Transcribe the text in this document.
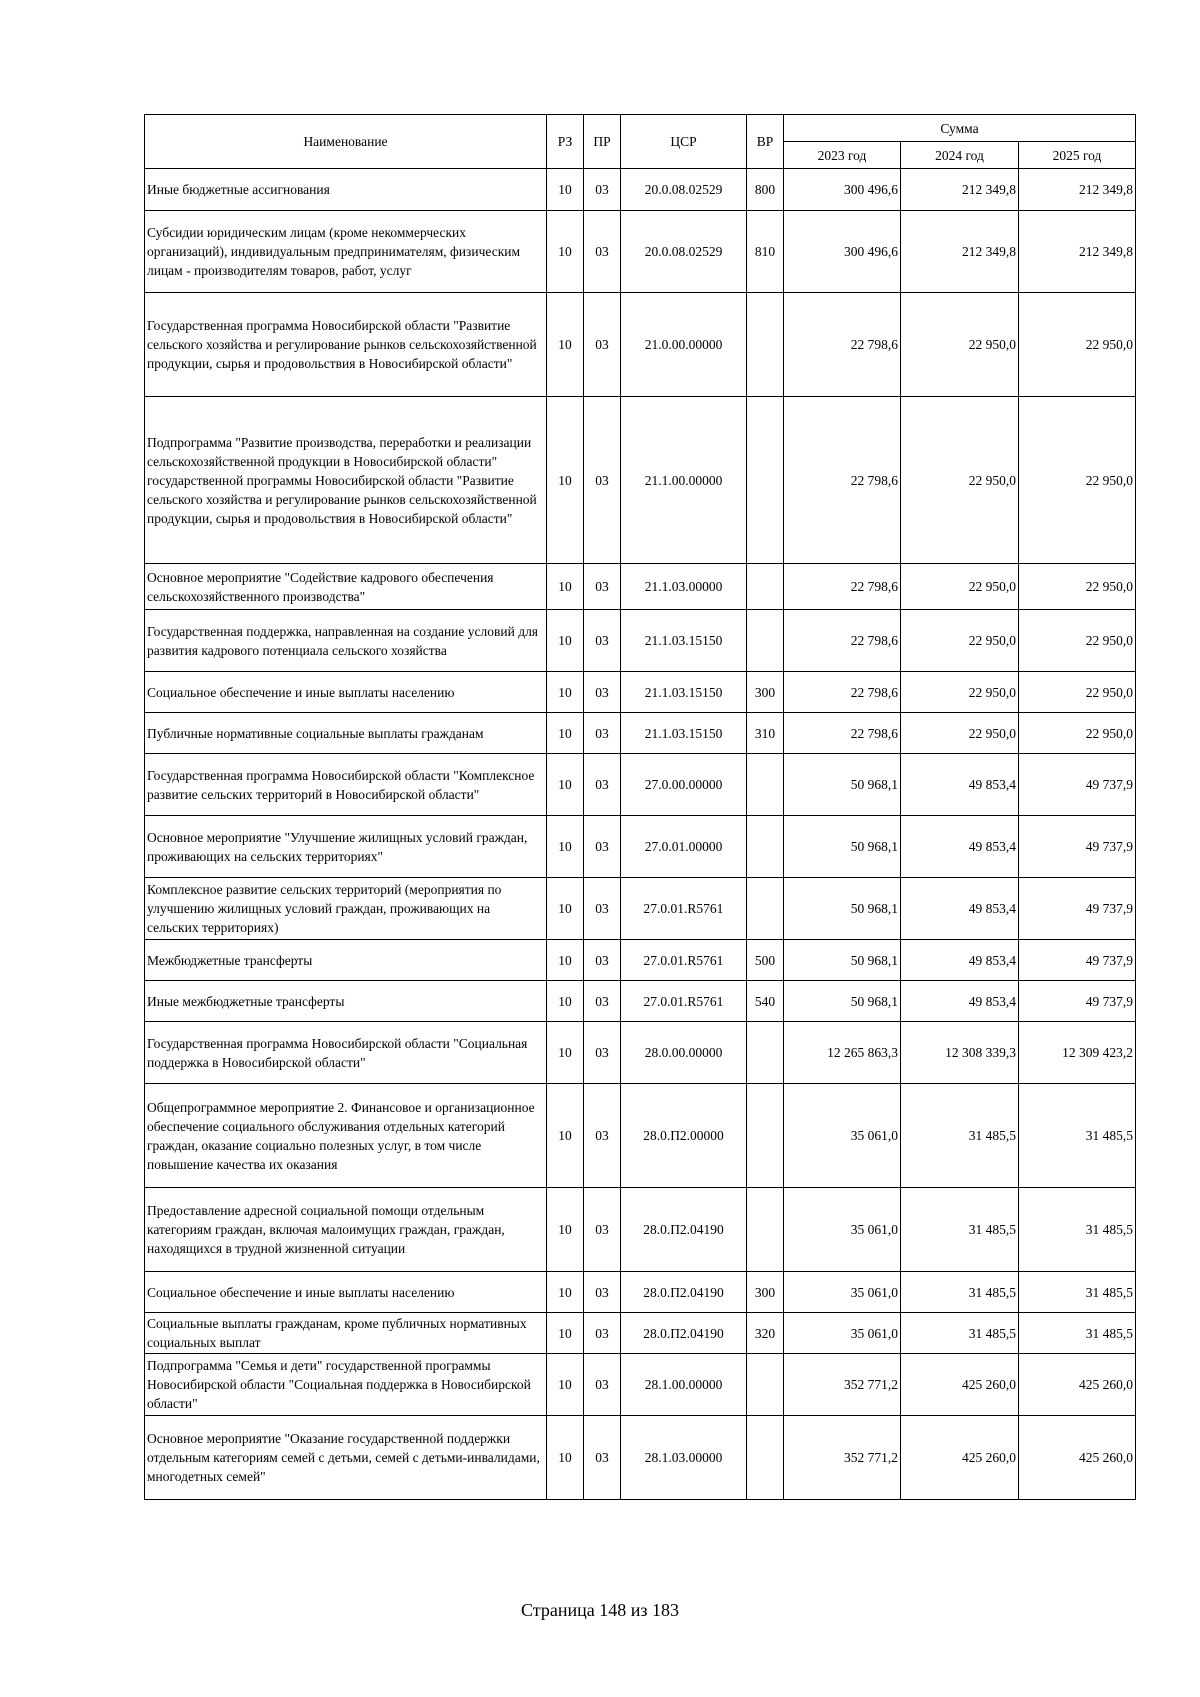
Наименование	РЗ	ПР	ЦСР	ВР	Сумма		
					2023 год	2024 год	2025 год
Иные бюджетные ассигнования	10	03	20.0.08.02529	800	300 496,6	212 349,8	212 349,8
Субсидии юридическим лицам (кроме некоммерческих организаций), индивидуальным предпринимателям, физическим лицам - производителям товаров, работ, услуг	10	03	20.0.08.02529	810	300 496,6	212 349,8	212 349,8
Государственная программа Новосибирской области "Развитие сельского хозяйства и регулирование рынков сельскохозяйственной продукции, сырья и продовольствия в Новосибирской области"	10	03	21.0.00.00000		22 798,6	22 950,0	22 950,0
Подпрограмма "Развитие производства, переработки и реализации сельскохозяйственной продукции в Новосибирской области" государственной программы Новосибирской области "Развитие сельского хозяйства и регулирование рынков сельскохозяйственной продукции, сырья и продовольствия в Новосибирской области"	10	03	21.1.00.00000		22 798,6	22 950,0	22 950,0
Основное мероприятие "Содействие кадрового обеспечения сельскохозяйственного производства"	10	03	21.1.03.00000		22 798,6	22 950,0	22 950,0
Государственная поддержка, направленная на создание условий для развития кадрового потенциала сельского хозяйства	10	03	21.1.03.15150		22 798,6	22 950,0	22 950,0
Социальное обеспечение и иные выплаты населению	10	03	21.1.03.15150	300	22 798,6	22 950,0	22 950,0
Публичные нормативные социальные выплаты гражданам	10	03	21.1.03.15150	310	22 798,6	22 950,0	22 950,0
Государственная программа Новосибирской области "Комплексное развитие сельских территорий в Новосибирской области"	10	03	27.0.00.00000		50 968,1	49 853,4	49 737,9
Основное мероприятие "Улучшение жилищных условий граждан, проживающих на сельских территориях"	10	03	27.0.01.00000		50 968,1	49 853,4	49 737,9
Комплексное развитие сельских территорий (мероприятия по улучшению жилищных условий граждан, проживающих на сельских территориях)	10	03	27.0.01.R5761		50 968,1	49 853,4	49 737,9
Межбюджетные трансферты	10	03	27.0.01.R5761	500	50 968,1	49 853,4	49 737,9
Иные межбюджетные трансферты	10	03	27.0.01.R5761	540	50 968,1	49 853,4	49 737,9
Государственная программа Новосибирской области "Социальная поддержка в Новосибирской области"	10	03	28.0.00.00000		12 265 863,3	12 308 339,3	12 309 423,2
Общепрограммное мероприятие 2. Финансовое и организационное обеспечение социального обслуживания отдельных категорий граждан, оказание социально полезных услуг, в том числе повышение качества их оказания	10	03	28.0.П2.00000		35 061,0	31 485,5	31 485,5
Предоставление адресной социальной помощи отдельным категориям граждан, включая малоимущих граждан, граждан, находящихся в трудной жизненной ситуации	10	03	28.0.П2.04190		35 061,0	31 485,5	31 485,5
Социальное обеспечение и иные выплаты населению	10	03	28.0.П2.04190	300	35 061,0	31 485,5	31 485,5
Социальные выплаты гражданам, кроме публичных нормативных социальных выплат	10	03	28.0.П2.04190	320	35 061,0	31 485,5	31 485,5
Подпрограмма "Семья и дети" государственной программы Новосибирской области "Социальная поддержка в Новосибирской области"	10	03	28.1.00.00000		352 771,2	425 260,0	425 260,0
Основное мероприятие "Оказание государственной поддержки отдельным категориям семей с детьми, семей с детьми-инвалидами, многодетных семей"	10	03	28.1.03.00000		352 771,2	425 260,0	425 260,0
Страница 148 из 183
